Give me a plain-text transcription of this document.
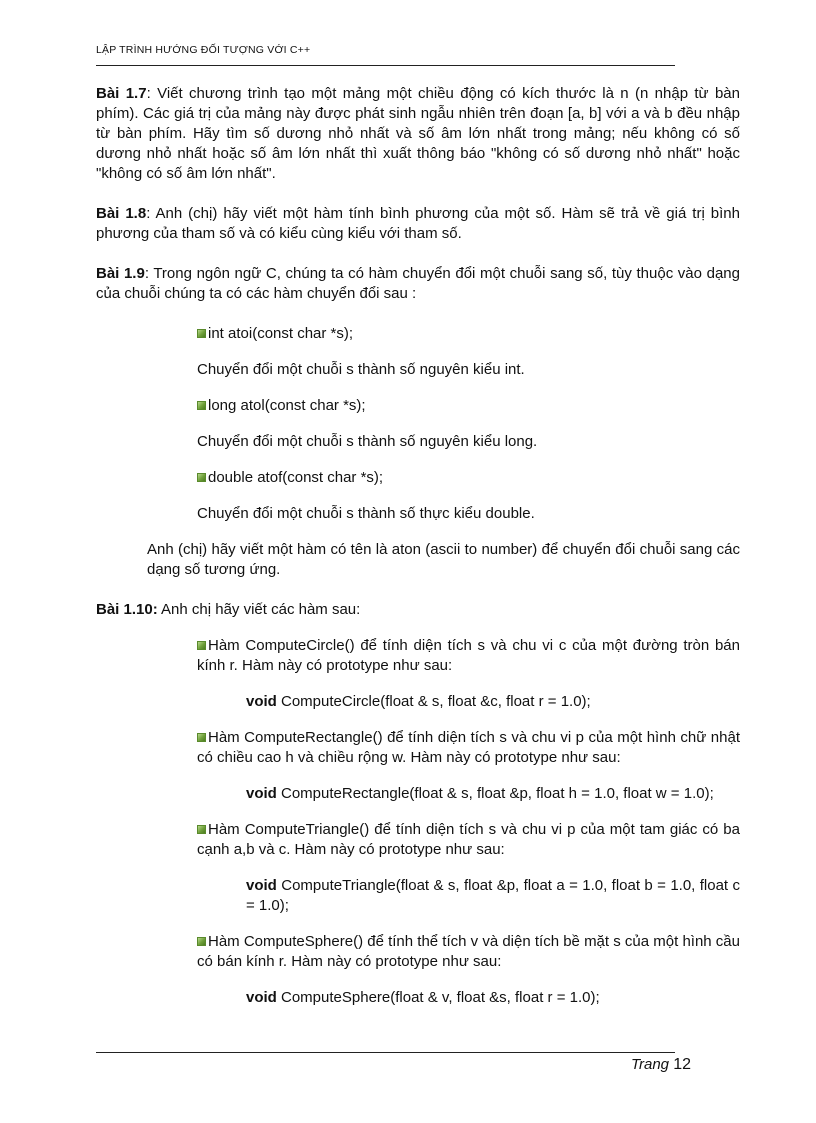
LẬP TRÌNH HƯỚNG ĐỐI TƯỢNG VỚI C++

Bài 1.7: Viết chương trình tạo một mảng một chiều động có kích thước là n (n nhập từ bàn phím). Các giá trị của mảng này được phát sinh ngẫu nhiên trên đoạn [a, b] với a và b đều nhập từ bàn phím. Hãy tìm số dương nhỏ nhất và số âm lớn nhất trong mảng; nếu không có số dương nhỏ nhất hoặc số âm lớn nhất thì xuất thông báo "không có số dương nhỏ nhất" hoặc "không có số âm lớn nhất".

Bài 1.8: Anh (chị) hãy viết một hàm tính bình phương của một số. Hàm sẽ trả về giá trị bình phương của tham số và có kiểu cùng kiểu với tham số.

Bài 1.9: Trong ngôn ngữ C, chúng ta có hàm chuyển đổi một chuỗi sang số, tùy thuộc vào dạng của chuỗi chúng ta có các hàm chuyển đổi sau :

int atoi(const char *s);

Chuyển đổi một chuỗi s thành số nguyên kiểu int.

long atol(const char *s);

Chuyển đổi một chuỗi s thành số nguyên kiểu long.

double atof(const char *s);

Chuyển đổi một chuỗi s thành số thực kiểu double.

Anh (chị) hãy viết một hàm có tên là aton (ascii to number) để chuyển đổi chuỗi sang các dạng số tương ứng.

Bài 1.10: Anh chị hãy viết các hàm sau:

Hàm ComputeCircle() để tính diện tích s và chu vi c của một đường tròn bán kính r. Hàm này có prototype như sau:

void ComputeCircle(float & s, float &c, float r = 1.0);

Hàm ComputeRectangle() để tính diện tích s và chu vi p của một hình chữ nhật có chiều cao h và chiều rộng w. Hàm này có prototype như sau:

void ComputeRectangle(float & s, float &p, float h = 1.0, float w = 1.0);

Hàm ComputeTriangle() để tính diện tích s và chu vi p của một tam giác có ba cạnh a,b và c. Hàm này có prototype như sau:

void ComputeTriangle(float & s, float &p, float a = 1.0, float b = 1.0, float c = 1.0);

Hàm ComputeSphere() để tính thể tích v và diện tích bề mặt s của một hình cầu có bán kính r. Hàm này có prototype như sau:

void ComputeSphere(float & v, float &s, float r = 1.0);

Trang 12
